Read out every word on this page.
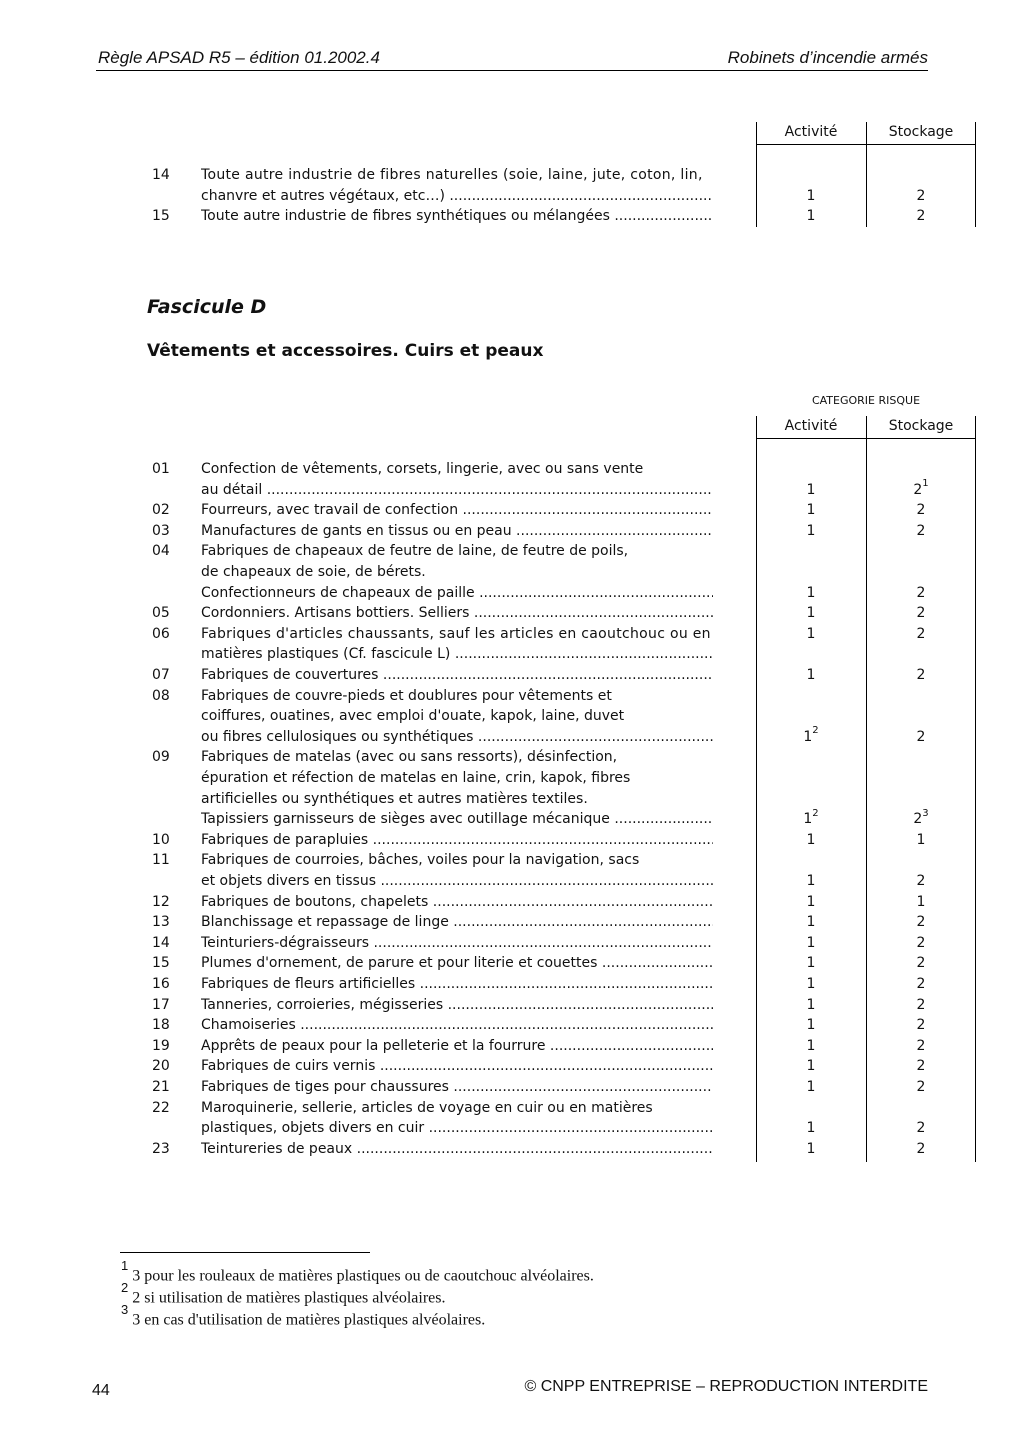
Règle APSAD R5 – édition 01.2002.4	Robinets d’incendie armés
Activité	Stockage
14 Toute autre industrie de fibres naturelles (soie, laine, jute, coton, lin,
chanvre et autres végétaux, etc…) .....	1	2
15 Toute autre industrie de fibres synthétiques ou mélangées .....	1	2
Fascicule D
Vêtements et accessoires. Cuirs et peaux
CATEGORIE RISQUE
Activité	Stockage
01 Confection de vêtements, corsets, lingerie, avec ou sans vente
au détail .....	1	$2^1$
02 Fourreurs, avec travail de confection .....	1	2
03 Manufactures de gants en tissus ou en peau .....	1	2
04 Fabriques de chapeaux de feutre de laine, de feutre de poils,
de chapeaux de soie, de bérets.
Confectionneurs de chapeaux de paille .....	1	2
05 Cordonniers. Artisans bottiers. Selliers .....	1	2
06 Fabriques d'articles chaussants, sauf les articles en caoutchouc ou en	1	2
matières plastiques (Cf. fascicule L) .....
07 Fabriques de couvertures .....	1	2
08 Fabriques de couvre-pieds et doublures pour vêtements et
coiffures, ouatines, avec emploi d'ouate, kapok, laine, duvet
ou fibres cellulosiques ou synthétiques .....	$1^2$	2
09 Fabriques de matelas (avec ou sans ressorts), désinfection,
épuration et réfection de matelas en laine, crin, kapok, fibres
artificielles ou synthétiques et autres matières textiles.
Tapissiers garnisseurs de sièges avec outillage mécanique .....	$1^2$	$2^3$
10 Fabriques de parapluies .....	1	1
11 Fabriques de courroies, bâches, voiles pour la navigation, sacs
et objets divers en tissus .....	1	2
12 Fabriques de boutons, chapelets .....	1	1
13 Blanchissage et repassage de linge .....	1	2
14 Teinturiers-dégraisseurs .....	1	2
15 Plumes d'ornement, de parure et pour literie et couettes .....	1	2
16 Fabriques de fleurs artificielles .....	1	2
17 Tanneries, corroieries, mégisseries .....	1	2
18 Chamoiseries .....	1	2
19 Apprêts de peaux pour la pelleterie et la fourrure .....	1	2
20 Fabriques de cuirs vernis .....	1	2
21 Fabriques de tiges pour chaussures .....	1	2
22 Maroquinerie, sellerie, articles de voyage en cuir ou en matières
plastiques, objets divers en cuir .....	1	2
23 Teintureries de peaux .....	1	2
$^1$3 pour les rouleaux de matières plastiques ou de caoutchouc alvéolaires.
$^2$2 si utilisation de matières plastiques alvéolaires.
$^3$3 en cas d'utilisation de matières plastiques alvéolaires.
44	© CNPP ENTREPRISE – REPRODUCTION INTERDITE
